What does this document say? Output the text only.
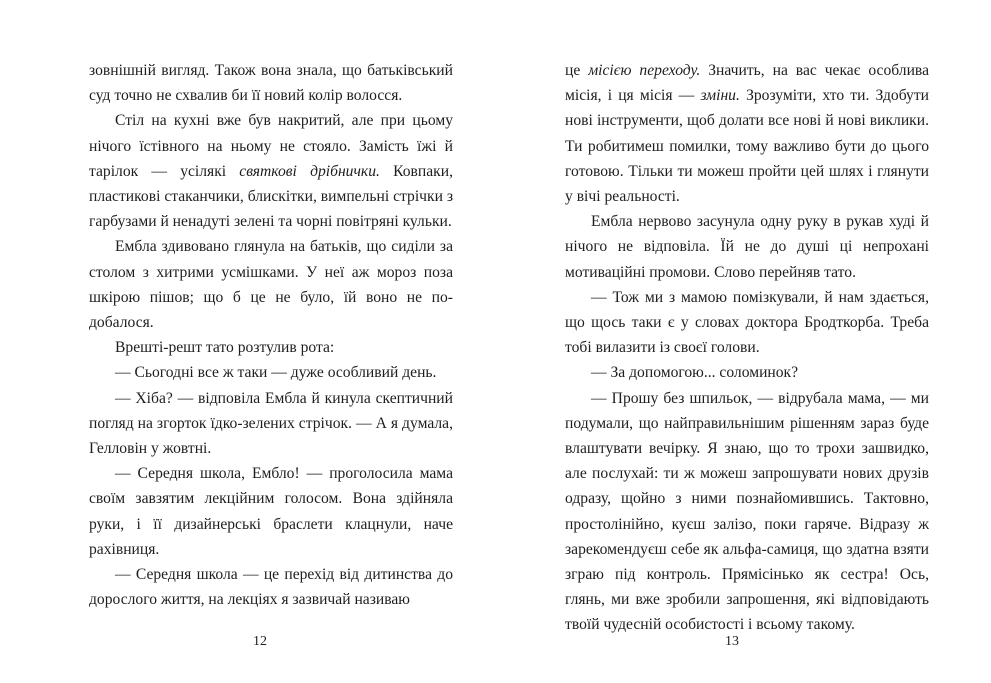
зовнішній вигляд. Також вона знала, що батьківський суд точно не схвалив би її новий колір волосся.

Стіл на кухні вже був накритий, але при цьому нічого їстівного на ньому не стояло. Замість їжі й тарілок — усілякі святкові дрібнички. Ковпаки, пластикові стаканчики, блискітки, вимпельні стрічки з гарбузами й ненадуті зелені та чорні повітряні кульки.

Ембла здивовано глянула на батьків, що сиділи за столом з хитрими усмішками. У неї аж мороз поза шкірою пішов; що б це не було, їй воно не подобалося.

Врешті-решт тато розтулив рота:

— Сьогодні все ж таки — дуже особливий день.

— Хіба? — відповіла Ембла й кинула скептичний погляд на згорток їдко-зелених стрічок. — А я думала, Гелловін у жовтні.

— Середня школа, Ембло! — проголосила мама своїм завзятим лекційним голосом. Вона здійняла руки, і її дизайнерські браслети клацнули, наче рахівниця.

— Середня школа — це перехід від дитинства до дорослого життя, на лекціях я зазвичай називаю

12

це місією переходу. Значить, на вас чекає особлива місія, і ця місія — зміни. Зрозуміти, хто ти. Здобути нові інструменти, щоб долати все нові й нові виклики. Ти робитимеш помилки, тому важливо бути до цього готовою. Тільки ти можеш пройти цей шлях і глянути у вічі реальності.

Ембла нервово засунула одну руку в рукав худі й нічого не відповіла. Їй не до душі ці непрохані мотиваційні промови. Слово перейняв тато.

— Тож ми з мамою помізкували, й нам здається, що щось таки є у словах доктора Бродткорба. Треба тобі вилазити із своєї голови.

— За допомогою... соломинок?

— Прошу без шпильок, — відрубала мама, — ми подумали, що найправильнішим рішенням зараз буде влаштувати вечірку. Я знаю, що то трохи зашвидко, але послухай: ти ж можеш запрошувати нових друзів одразу, щойно з ними познайомившись. Тактовно, простолінійно, куєш залізо, поки гаряче. Відразу ж зарекомендуєш себе як альфа-самиця, що здатна взяти зграю під контроль. Прямісінько як сестра! Ось, глянь, ми вже зробили запрошення, які відповідають твоїй чудесній особистості і всьому такому.

13
